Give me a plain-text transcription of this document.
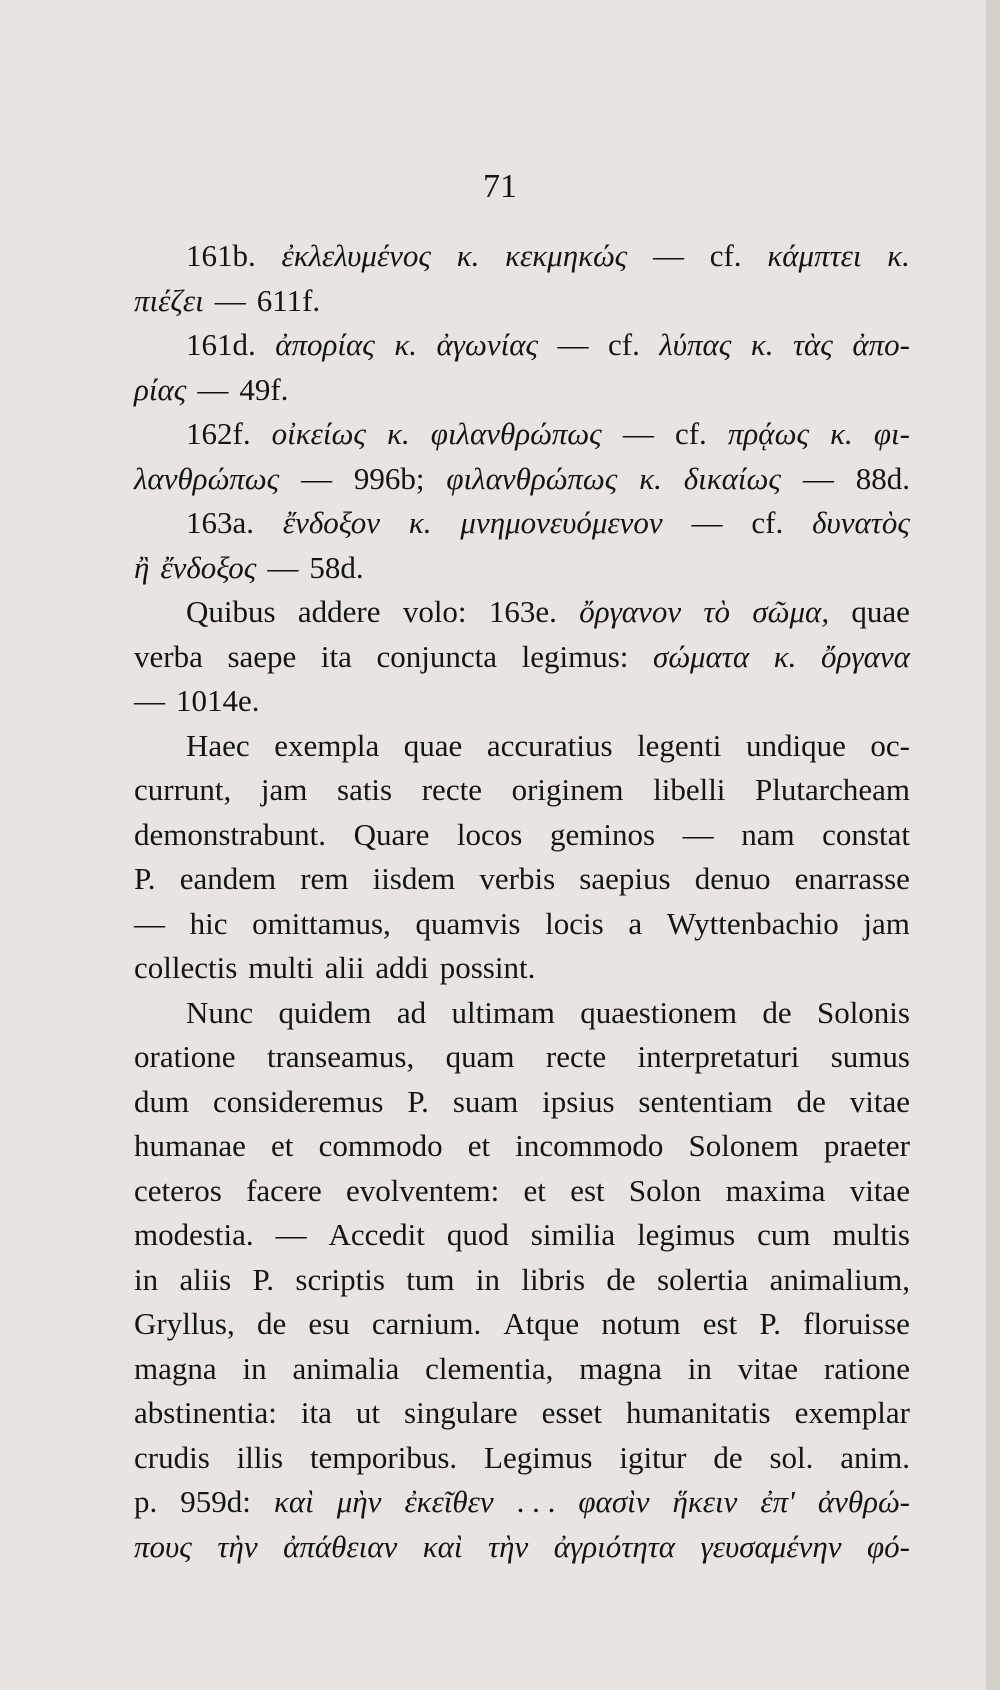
71
161b. ἐκλελυμένος κ. κεκμηκώς — cf. κάμπτει κ.
πιέζει — 611f.
161d. ἀπορίας κ. ἀγωνίας — cf. λύπας κ. τὰς ἀπο-
ρίας — 49f.
162f. οἰκείως κ. φιλανθρώπως — cf. πρᾴως κ. φι-
λανθρώπως — 996b; φιλανθρώπως κ. δικαίως — 88d.
163a. ἔνδοξον κ. μνημονευόμενον — cf. δυνατὸς
ἢ ἔνδοξος — 58d.
Quibus addere volo: 163e. ὄργανον τὸ σῶμα, quae
verba saepe ita conjuncta legimus: σώματα κ. ὄργανα
— 1014e.
Haec exempla quae accuratius legenti undique oc-
currunt, jam satis recte originem libelli Plutarcheam
demonstrabunt. Quare locos geminos — nam constat
P. eandem rem iisdem verbis saepius denuo enarrasse
— hic omittamus, quamvis locis a Wyttenbachio jam
collectis multi alii addi possint.
Nunc quidem ad ultimam quaestionem de Solonis
oratione transeamus, quam recte interpretaturi sumus
dum consideremus P. suam ipsius sententiam de vitae
humanae et commodo et incommodo Solonem praeter
ceteros facere evolventem: et est Solon maxima vitae
modestia. — Accedit quod similia legimus cum multis
in aliis P. scriptis tum in libris de solertia animalium,
Gryllus, de esu carnium. Atque notum est P. floruisse
magna in animalia clementia, magna in vitae ratione
abstinentia: ita ut singulare esset humanitatis exemplar
crudis illis temporibus. Legimus igitur de sol. anim.
p. 959d: καὶ μὴν ἐκεῖθεν . . . φασὶν ἥκειν ἐπ' ἀνθρώ-
πους τὴν ἀπάθειαν καὶ τὴν ἀγριότητα γευσαμένην φό-
